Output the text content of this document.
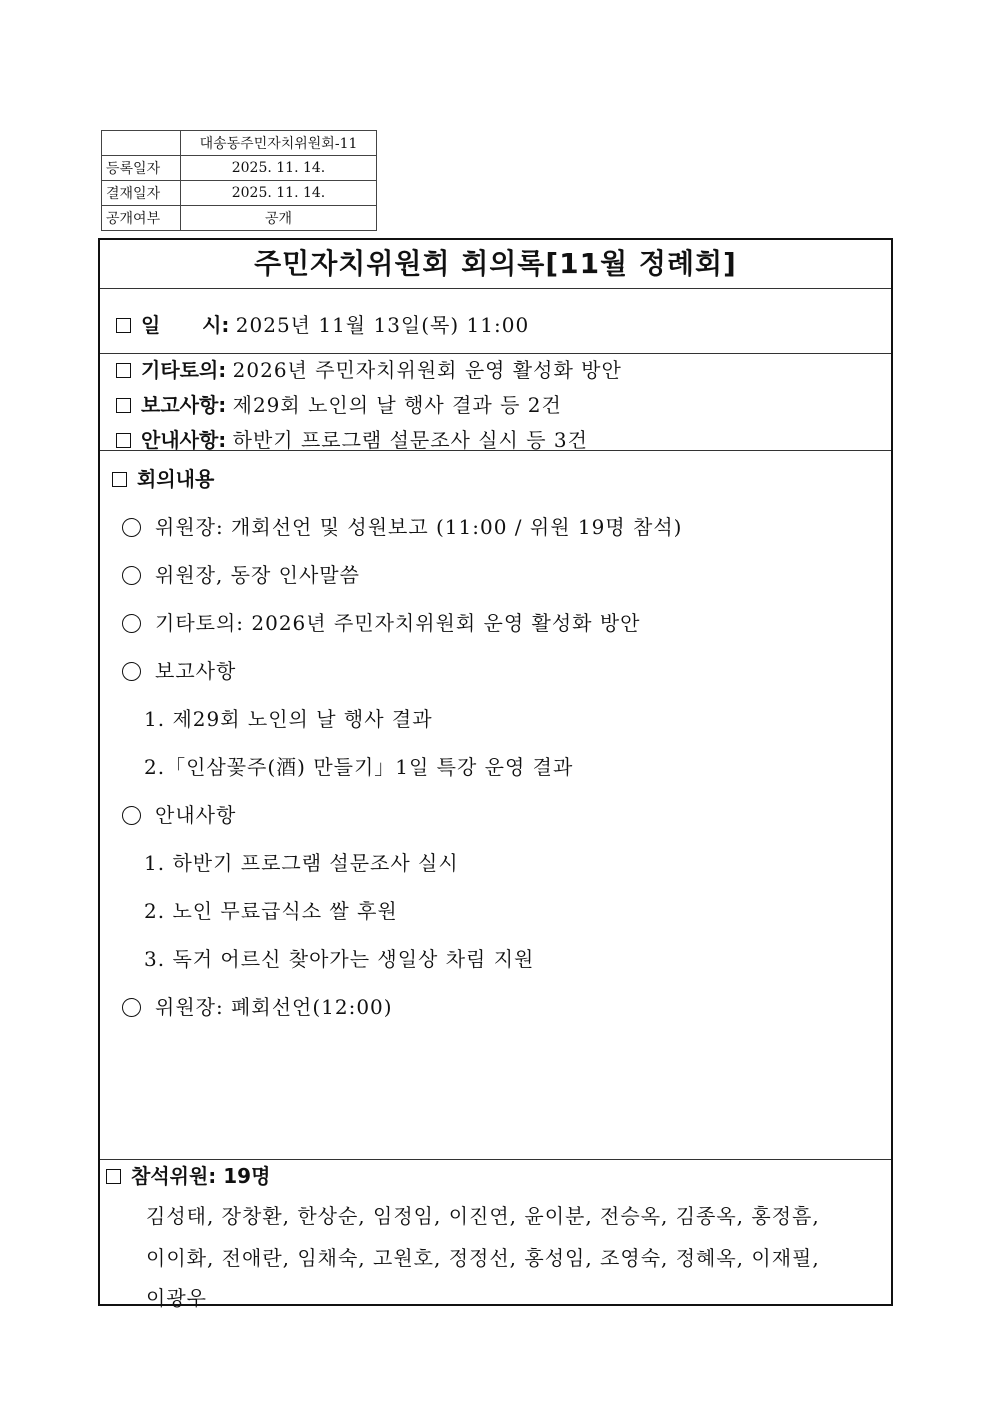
	대송동주민자치위원회-11
등록일자	2025. 11. 14.
결재일자	2025. 11. 14.
공개여부	공개
주민자치위원회 회의록[11월 정례회]
일      시: 2025년 11월 13일(목) 11:00
기타토의: 2026년 주민자치위원회 운영 활성화 방안
보고사항: 제29회 노인의 날 행사 결과 등 2건
안내사항: 하반기 프로그램 설문조사 실시 등 3건
회의내용
위원장: 개회선언 및 성원보고 (11:00 / 위원 19명 참석)
위원장, 동장 인사말씀
기타토의: 2026년 주민자치위원회 운영 활성화 방안
보고사항
1. 제29회 노인의 날 행사 결과
2.「인삼꽃주(酒) 만들기」1일 특강 운영 결과
안내사항
1. 하반기 프로그램 설문조사 실시
2. 노인 무료급식소 쌀 후원
3. 독거 어르신 찾아가는 생일상 차림 지원
위원장: 폐회선언(12:00)
참석위원: 19명
김성태, 장창환, 한상순, 임정임, 이진연, 윤이분, 전승옥, 김종옥, 홍정흠,
이이화, 전애란, 임채숙, 고원호, 정정선, 홍성임, 조영숙, 정혜옥, 이재필,
이광우
